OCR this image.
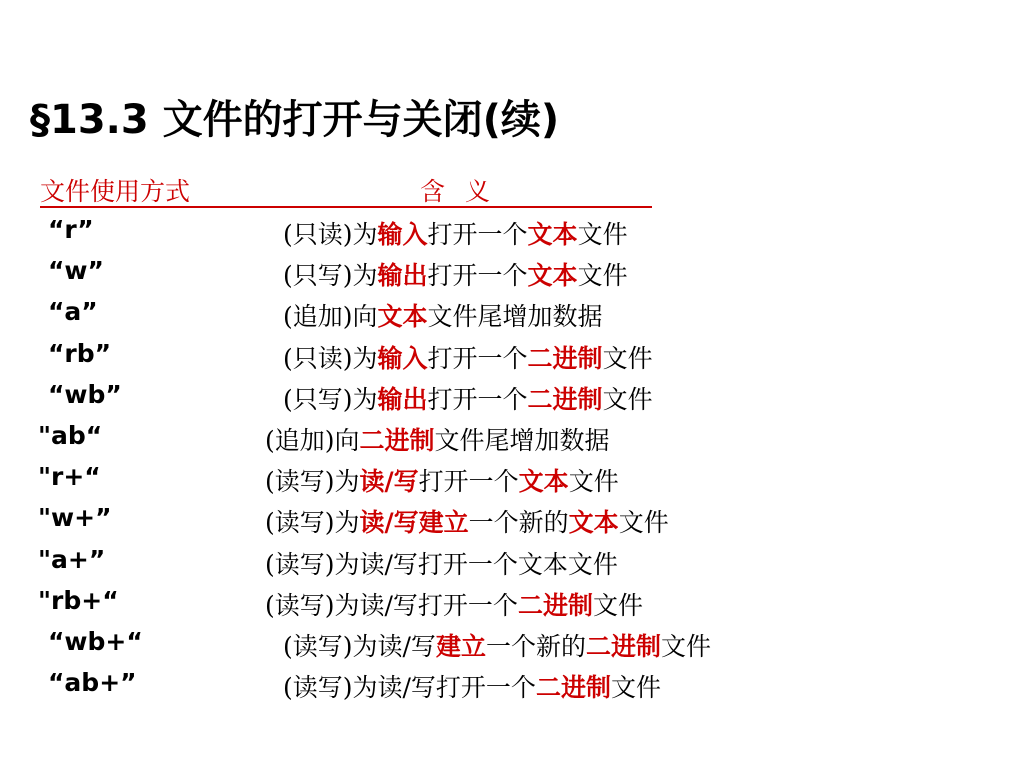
§13.3 文件的打开与关闭(续)
文件使用方式	含 义
“r”	(只读)为输入打开一个文本文件
“w”	(只写)为输出打开一个文本文件
“a”	(追加)向文本文件尾增加数据
“rb”	(只读)为输入打开一个二进制文件
“wb”	(只写)为输出打开一个二进制文件
"ab“	(追加)向二进制文件尾增加数据
"r+“	(读写)为读/写打开一个文本文件
"w+”	(读写)为读/写建立一个新的文本文件
"a+”	(读写)为读/写打开一个文本文件
"rb+“	(读写)为读/写打开一个二进制文件
“wb+“	(读写)为读/写建立一个新的二进制文件
“ab+”	(读写)为读/写打开一个二进制文件
